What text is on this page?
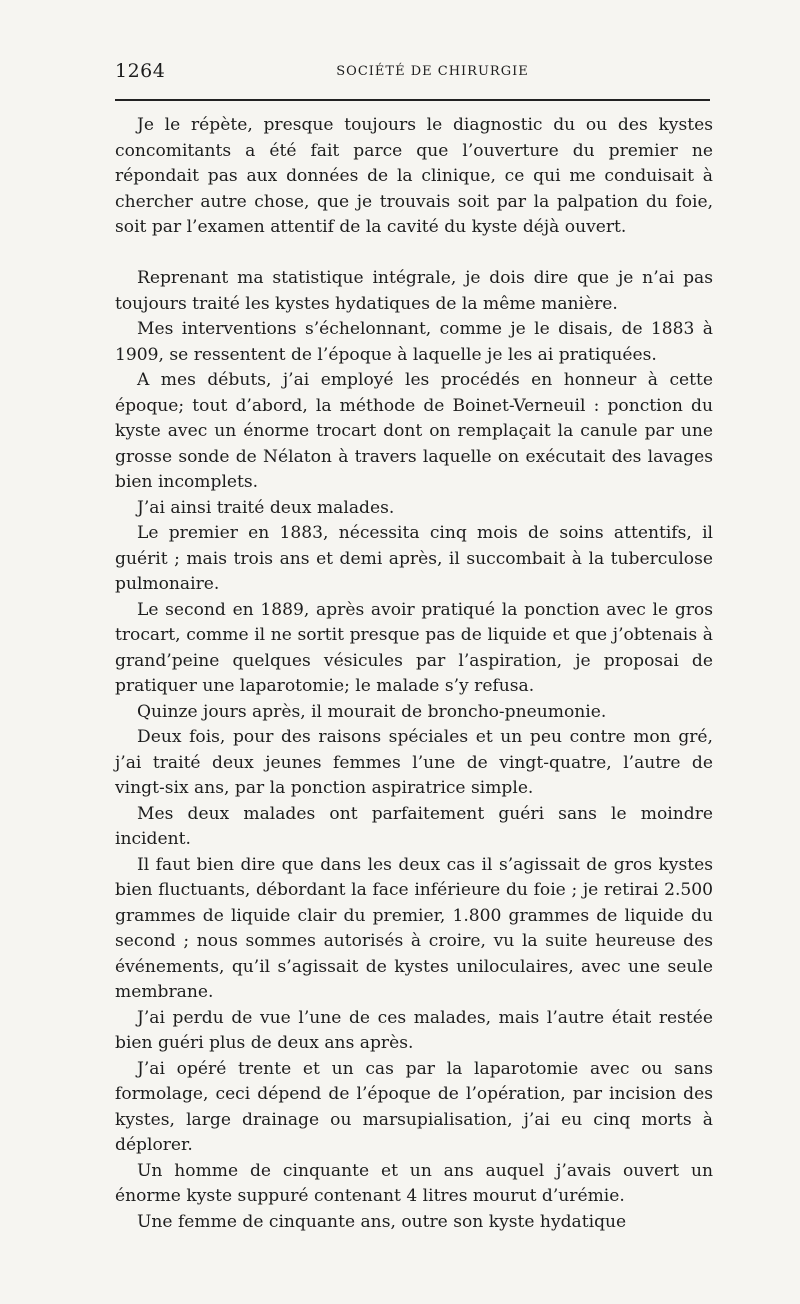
1264	SOCIÉTÉ DE CHIRURGIE

Je le répète, presque toujours le diagnostic du ou des kystes concomitants a été fait parce que l’ouverture du premier ne répondait pas aux données de la clinique, ce qui me conduisait à chercher autre chose, que je trouvais soit par la palpation du foie, soit par l’examen attentif de la cavité du kyste déjà ouvert.

Reprenant ma statistique intégrale, je dois dire que je n’ai pas toujours traité les kystes hydatiques de la même manière.

Mes interventions s’échelonnant, comme je le disais, de 1883 à 1909, se ressentent de l’époque à laquelle je les ai pratiquées.

A mes débuts, j’ai employé les procédés en honneur à cette époque; tout d’abord, la méthode de Boinet-Verneuil : ponction du kyste avec un énorme trocart dont on remplaçait la canule par une grosse sonde de Nélaton à travers laquelle on exécutait des lavages bien incomplets.

J’ai ainsi traité deux malades.

Le premier en 1883, nécessita cinq mois de soins attentifs, il guérit ; mais trois ans et demi après, il succombait à la tuberculose pulmonaire.

Le second en 1889, après avoir pratiqué la ponction avec le gros trocart, comme il ne sortit presque pas de liquide et que j’obtenais à grand’peine quelques vésicules par l’aspiration, je proposai de pratiquer une laparotomie; le malade s’y refusa.

Quinze jours après, il mourait de broncho-pneumonie.

Deux fois, pour des raisons spéciales et un peu contre mon gré, j’ai traité deux jeunes femmes l’une de vingt-quatre, l’autre de vingt-six ans, par la ponction aspiratrice simple.

Mes deux malades ont parfaitement guéri sans le moindre incident.

Il faut bien dire que dans les deux cas il s’agissait de gros kystes bien fluctuants, débordant la face inférieure du foie ; je retirai 2.500 grammes de liquide clair du premier, 1.800 grammes de liquide du second ; nous sommes autorisés à croire, vu la suite heureuse des événements, qu’il s’agissait de kystes uniloculaires, avec une seule membrane.

J’ai perdu de vue l’une de ces malades, mais l’autre était restée bien guéri plus de deux ans après.

J’ai opéré trente et un cas par la laparotomie avec ou sans formolage, ceci dépend de l’époque de l’opération, par incision des kystes, large drainage ou marsupialisation, j’ai eu cinq morts à déplorer.

Un homme de cinquante et un ans auquel j’avais ouvert un énorme kyste suppuré contenant 4 litres mourut d’urémie.

Une femme de cinquante ans, outre son kyste hydatique
